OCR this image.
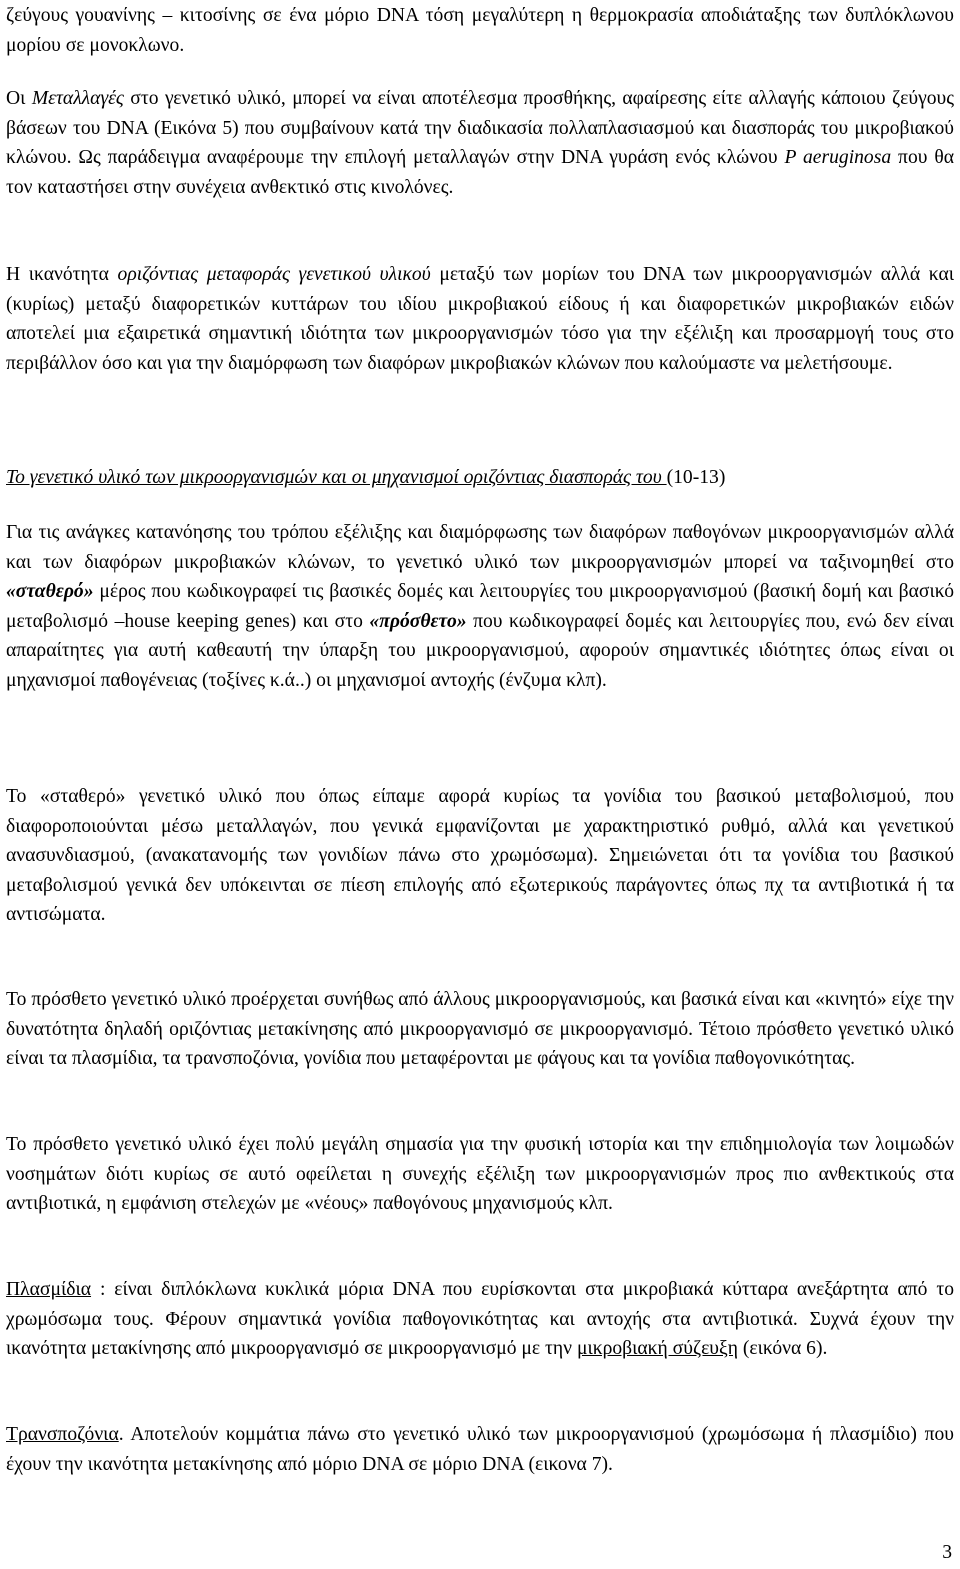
ζεύγους γουανίνης – κιτοσίνης σε ένα μόριο DNA τόση μεγαλύτερη η θερμοκρασία αποδιάταξης των δυπλόκλωνου μορίου σε μονοκλωνο.

Οι Μεταλλαγές στο γενετικό υλικό, μπορεί να είναι αποτέλεσμα προσθήκης, αφαίρεσης είτε αλλαγής κάποιου ζεύγους βάσεων του DNA (Εικόνα 5) που συμβαίνουν κατά την διαδικασία πολλαπλασιασμού και διασποράς του μικροβιακού κλώνου. Ως παράδειγμα αναφέρουμε την επιλογή μεταλλαγών στην DNA γυράση ενός κλώνου P aeruginosa που θα τον καταστήσει στην συνέχεια ανθεκτικό στις κινολόνες.

Η ικανότητα οριζόντιας μεταφοράς γενετικού υλικού μεταξύ των μορίων του DNA των μικροοργανισμών αλλά και (κυρίως) μεταξύ διαφορετικών κυττάρων του ιδίου μικροβιακού είδους ή και διαφορετικών μικροβιακών ειδών αποτελεί μια εξαιρετικά σημαντική ιδιότητα των μικροοργανισμών τόσο για την εξέλιξη και προσαρμογή τους στο περιβάλλον όσο και για την διαμόρφωση των διαφόρων μικροβιακών κλώνων που καλούμαστε να μελετήσουμε.

Το γενετικό υλικό των μικροοργανισμών και οι μηχανισμοί οριζόντιας διασποράς του (10-13)

Για τις ανάγκες κατανόησης του τρόπου εξέλιξης και διαμόρφωσης των διαφόρων παθογόνων μικροοργανισμών αλλά και των διαφόρων μικροβιακών κλώνων, το γενετικό υλικό των μικροοργανισμών μπορεί να ταξινομηθεί στο «σταθερό» μέρος που κωδικογραφεί τις βασικές δομές και λειτουργίες του μικροοργανισμού (βασική δομή και βασικό μεταβολισμό –house keeping genes) και στο «πρόσθετο» που κωδικογραφεί δομές και λειτουργίες που, ενώ δεν είναι απαραίτητες για αυτή καθεαυτή την ύπαρξη του μικροοργανισμού, αφορούν σημαντικές ιδιότητες όπως είναι οι μηχανισμοί παθογένειας (τοξίνες κ.ά..) οι μηχανισμοί αντοχής (ένζυμα κλπ).

Το «σταθερό» γενετικό υλικό που όπως είπαμε αφορά κυρίως τα γονίδια του βασικού μεταβολισμού, που διαφοροποιούνται μέσω μεταλλαγών, που γενικά εμφανίζονται με χαρακτηριστικό ρυθμό, αλλά και γενετικού ανασυνδιασμού, (ανακατανομής των γονιδίων πάνω στο χρωμόσωμα). Σημειώνεται ότι τα γονίδια του βασικού μεταβολισμού γενικά δεν υπόκεινται σε πίεση επιλογής από εξωτερικούς παράγοντες όπως πχ τα αντιβιοτικά ή τα αντισώματα.

Το πρόσθετο γενετικό υλικό προέρχεται συνήθως από άλλους μικροοργανισμούς, και βασικά είναι και «κινητό» είχε την δυνατότητα δηλαδή οριζόντιας μετακίνησης από μικροοργανισμό σε μικροοργανισμό. Τέτοιο πρόσθετο γενετικό υλικό είναι τα πλασμίδια, τα τρανσποζόνια, γονίδια που μεταφέρονται με φάγους και τα γονίδια παθογονικότητας.

Το πρόσθετο γενετικό υλικό έχει πολύ μεγάλη σημασία για την φυσική ιστορία και την επιδημιολογία των λοιμωδών νοσημάτων διότι κυρίως σε αυτό οφείλεται η συνεχής εξέλιξη των μικροοργανισμών προς πιο ανθεκτικούς στα αντιβιοτικά, η εμφάνιση στελεχών με «νέους» παθογόνους μηχανισμούς κλπ.

Πλασμίδια : είναι διπλόκλωνα κυκλικά μόρια DNA που ευρίσκονται στα μικροβιακά κύτταρα ανεξάρτητα από το χρωμόσωμα τους. Φέρουν σημαντικά γονίδια παθογονικότητας και αντοχής στα αντιβιοτικά. Συχνά έχουν την ικανότητα μετακίνησης από μικροοργανισμό σε μικροοργανισμό με την μικροβιακή σύζευξη (εικόνα 6).

Τρανσποζόνια. Αποτελούν κομμάτια πάνω στο γενετικό υλικό των μικροοργανισμού (χρωμόσωμα ή πλασμίδιο) που έχουν την ικανότητα μετακίνησης από μόριο DNA σε μόριο DNA (εικονα 7).

3
